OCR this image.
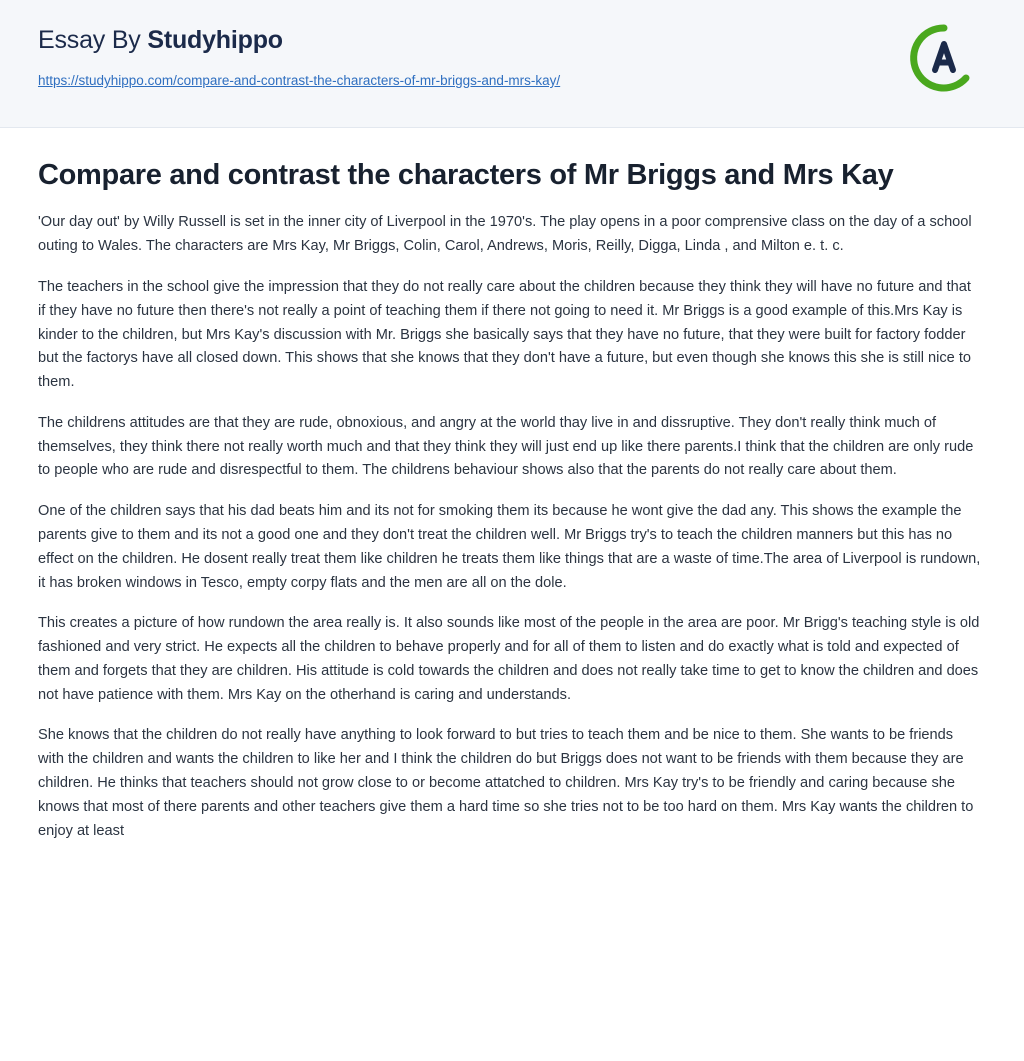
Essay By Studyhippo
https://studyhippo.com/compare-and-contrast-the-characters-of-mr-briggs-and-mrs-kay/
Compare and contrast the characters of Mr Briggs and Mrs Kay

'Our day out' by Willy Russell is set in the inner city of Liverpool in the 1970's. The play opens in a poor comprensive class on the day of a school outing to Wales. The characters are Mrs Kay, Mr Briggs, Colin, Carol, Andrews, Moris, Reilly, Digga, Linda , and Milton e. t. c.

The teachers in the school give the impression that they do not really care about the children because they think they will have no future and that if they have no future then there's not really a point of teaching them if there not going to need it. Mr Briggs is a good example of this.Mrs Kay is kinder to the children, but Mrs Kay's discussion with Mr. Briggs she basically says that they have no future, that they were built for factory fodder but the factorys have all closed down. This shows that she knows that they don't have a future, but even though she knows this she is still nice to them.

The childrens attitudes are that they are rude, obnoxious, and angry at the world thay live in and dissruptive. They don't really think much of themselves, they think there not really worth much and that they think they will just end up like there parents.I think that the children are only rude to people who are rude and disrespectful to them. The childrens behaviour shows also that the parents do not really care about them.

One of the children says that his dad beats him and its not for smoking them its because he wont give the dad any. This shows the example the parents give to them and its not a good one and they don't treat the children well. Mr Briggs try's to teach the children manners but this has no effect on the children. He dosent really treat them like children he treats them like things that are a waste of time.The area of Liverpool is rundown, it has broken windows in Tesco, empty corpy flats and the men are all on the dole.

This creates a picture of how rundown the area really is. It also sounds like most of the people in the area are poor. Mr Brigg's teaching style is old fashioned and very strict. He expects all the children to behave properly and for all of them to listen and do exactly what is told and expected of them and forgets that they are children. His attitude is cold towards the children and does not really take time to get to know the children and does not have patience with them. Mrs Kay on the otherhand is caring and understands.

She knows that the children do not really have anything to look forward to but tries to teach them and be nice to them. She wants to be friends with the children and wants the children to like her and I think the children do but Briggs does not want to be friends with them because they are children. He thinks that teachers should not grow close to or become attatched to children. Mrs Kay try's to be friendly and caring because she knows that most of there parents and other teachers give them a hard time so she tries not to be too hard on them. Mrs Kay wants the children to enjoy at least
